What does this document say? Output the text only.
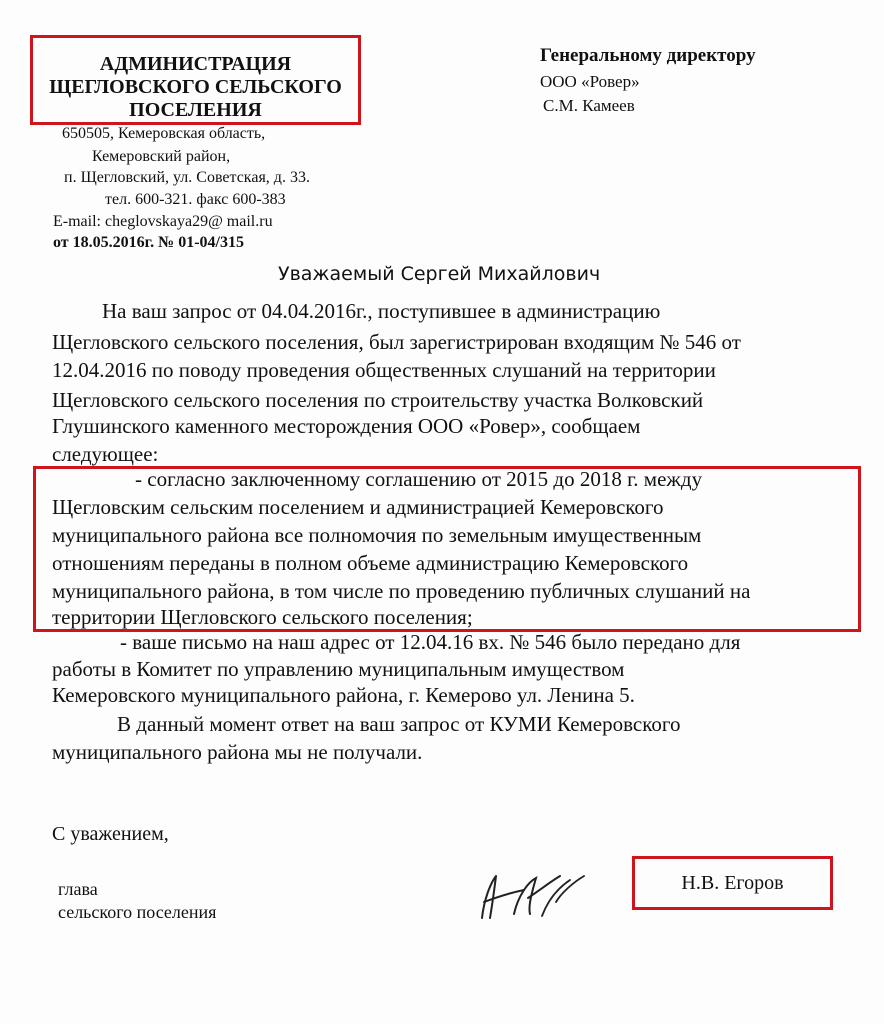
АДМИНИСТРАЦИЯ
ЩЕГЛОВСКОГО СЕЛЬСКОГО
ПОСЕЛЕНИЯ
650505, Кемеровская область,
Кемеровский район,
п. Щегловский, ул. Советская, д. 33.
тел. 600-321. факс 600-383
E-mail: cheglovskaya29@ mail.ru
от 18.05.2016г. № 01-04/315
Генеральному директору
ООО «Ровер»
С.М. Камеев
Уважаемый Сергей Михайлович
На ваш запрос от 04.04.2016г., поступившее в администрацию
Щегловского сельского поселения, был зарегистрирован входящим № 546 от
12.04.2016 по поводу проведения общественных слушаний на территории
Щегловского сельского поселения по строительству участка Волковский
Глушинского каменного месторождения ООО «Ровер», сообщаем
следующее:
- согласно заключенному соглашению от 2015 до 2018 г. между
Щегловским сельским поселением и администрацией Кемеровского
муниципального района все полномочия по земельным имущественным
отношениям переданы в полном объеме администрацию Кемеровского
муниципального района, в том числе по проведению публичных слушаний на
территории Щегловского сельского поселения;
- ваше письмо на наш адрес от 12.04.16 вх. № 546 было передано для
работы в Комитет по управлению муниципальным имуществом
Кемеровского муниципального района, г. Кемерово ул. Ленина 5.
В данный момент ответ на ваш запрос от КУМИ Кемеровского
муниципального района мы не получали.
С уважением,
глава
сельского поселения
Н.В. Егоров
